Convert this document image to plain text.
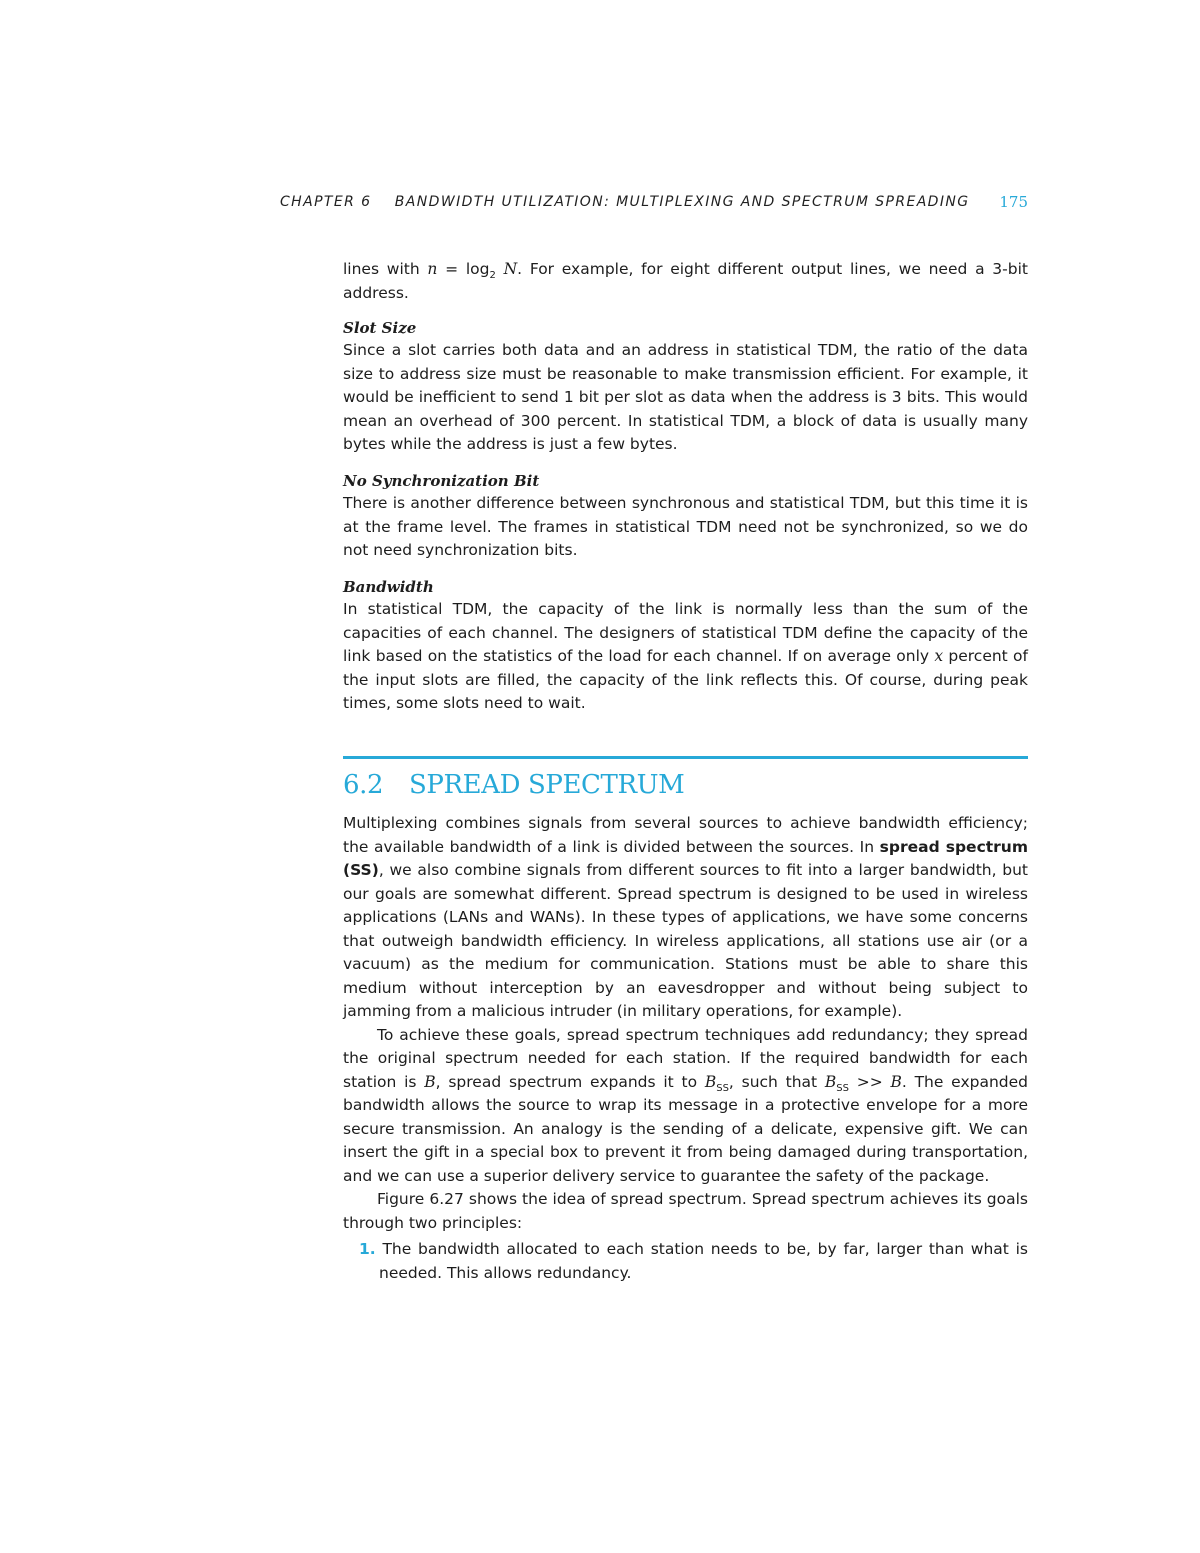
CHAPTER 6    BANDWIDTH UTILIZATION: MULTIPLEXING AND SPECTRUM SPREADING 175

lines with $n = \log_2 N$. For example, for eight different output lines, we need a 3-bit address.

Slot Size

Since a slot carries both data and an address in statistical TDM, the ratio of the data size to address size must be reasonable to make transmission efficient. For example, it would be inefficient to send 1 bit per slot as data when the address is 3 bits. This would mean an overhead of 300 percent. In statistical TDM, a block of data is usually many bytes while the address is just a few bytes.

No Synchronization Bit

There is another difference between synchronous and statistical TDM, but this time it is at the frame level. The frames in statistical TDM need not be synchronized, so we do not need synchronization bits.

Bandwidth

In statistical TDM, the capacity of the link is normally less than the sum of the capacities of each channel. The designers of statistical TDM define the capacity of the link based on the statistics of the load for each channel. If on average only x percent of the input slots are filled, the capacity of the link reflects this. Of course, during peak times, some slots need to wait.

6.2 SPREAD SPECTRUM

Multiplexing combines signals from several sources to achieve bandwidth efficiency; the available bandwidth of a link is divided between the sources. In spread spectrum (SS), we also combine signals from different sources to fit into a larger bandwidth, but our goals are somewhat different. Spread spectrum is designed to be used in wireless applications (LANs and WANs). In these types of applications, we have some concerns that outweigh bandwidth efficiency. In wireless applications, all stations use air (or a vacuum) as the medium for communication. Stations must be able to share this medium without interception by an eavesdropper and without being subject to jamming from a malicious intruder (in military operations, for example).

To achieve these goals, spread spectrum techniques add redundancy; they spread the original spectrum needed for each station. If the required bandwidth for each station is B, spread spectrum expands it to $B_{SS}$, such that $B_{SS} >> B$. The expanded bandwidth allows the source to wrap its message in a protective envelope for a more secure transmission. An analogy is the sending of a delicate, expensive gift. We can insert the gift in a special box to prevent it from being damaged during transportation, and we can use a superior delivery service to guarantee the safety of the package.

Figure 6.27 shows the idea of spread spectrum. Spread spectrum achieves its goals through two principles:

1. The bandwidth allocated to each station needs to be, by far, larger than what is needed. This allows redundancy.
